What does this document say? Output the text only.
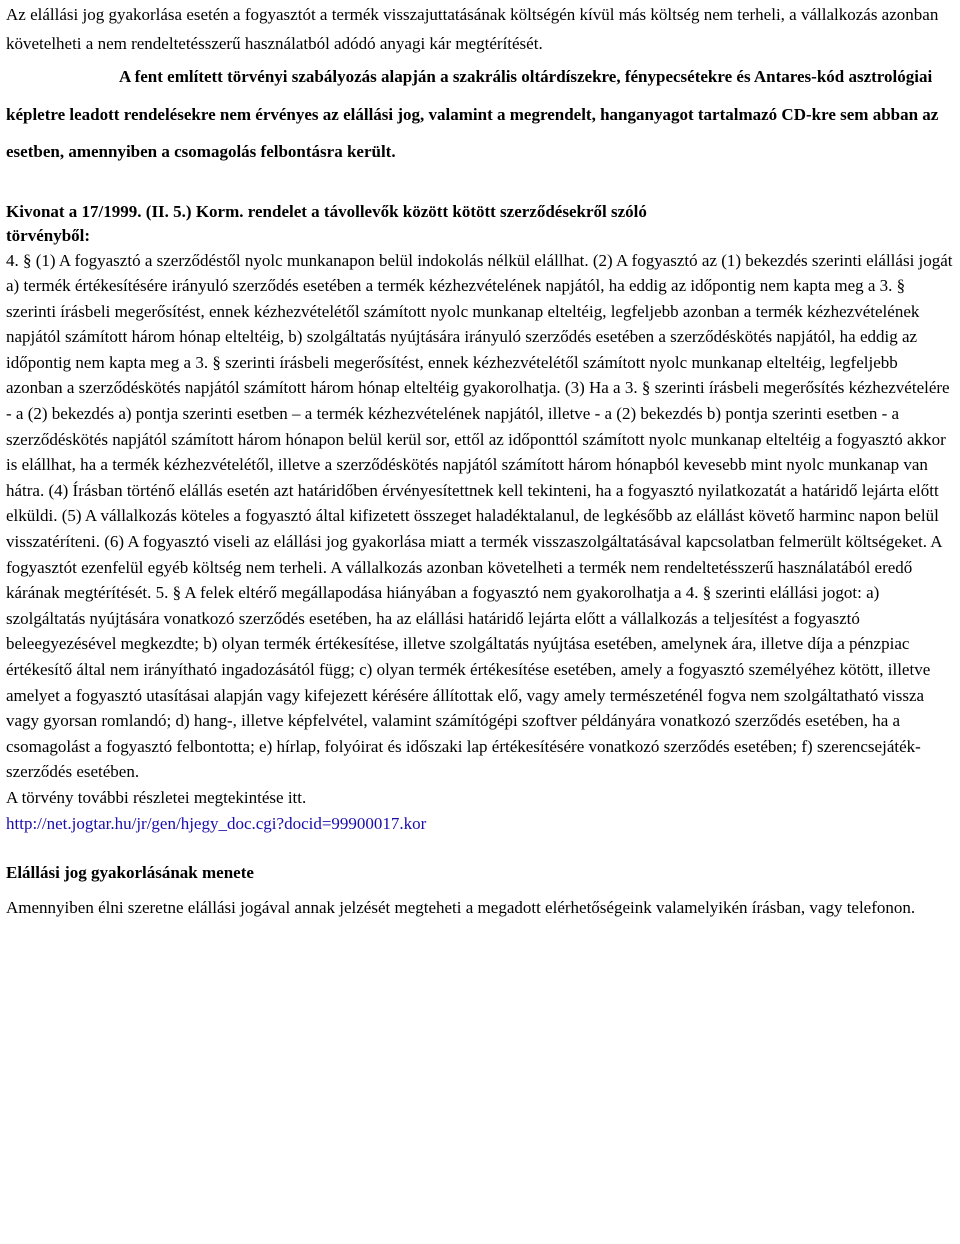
Az elállási jog gyakorlása esetén a fogyasztót a termék visszajuttatásának költségén kívül más költség nem terheli, a vállalkozás azonban követelheti a nem rendeltetésszerű használatból adódó anyagi kár megtérítését.

A fent említett törvényi szabályozás alapján a szakrális oltárdíszekre, fénypecsétekre és Antares-kód asztrológiai képletre leadott rendelésekre nem érvényes az elállási jog, valamint a megrendelt, hanganyagot tartalmazó CD-kre sem abban az esetben, amennyiben a csomagolás felbontásra került.

Kivonat a 17/1999. (II. 5.) Korm. rendelet a távollevők között kötött szerződésekről szóló törvényből:

4. § (1) A fogyasztó a szerződéstől nyolc munkanapon belül indokolás nélkül elállhat. (2) A fogyasztó az (1) bekezdés szerinti elállási jogát a) termék értékesítésére irányuló szerződés esetében a termék kézhezvételének napjától, ha eddig az időpontig nem kapta meg a 3. § szerinti írásbeli megerősítést, ennek kézhezvételétől számított nyolc munkanap elteltéig, legfeljebb azonban a termék kézhezvételének napjától számított három hónap elteltéig, b) szolgáltatás nyújtására irányuló szerződés esetében a szerződéskötés napjától, ha eddig az időpontig nem kapta meg a 3. § szerinti írásbeli megerősítést, ennek kézhezvételétől számított nyolc munkanap elteltéig, legfeljebb azonban a szerződéskötés napjától számított három hónap elteltéig gyakorolhatja. (3) Ha a 3. § szerinti írásbeli megerősítés kézhezvételére - a (2) bekezdés a) pontja szerinti esetben – a termék kézhezvételének napjától, illetve - a (2) bekezdés b) pontja szerinti esetben - a szerződéskötés napjától számított három hónapon belül kerül sor, ettől az időponttól számított nyolc munkanap elteltéig a fogyasztó akkor is elállhat, ha a termék kézhezvételétől, illetve a szerződéskötés napjától számított három hónapból kevesebb mint nyolc munkanap van hátra. (4) Írásban történő elállás esetén azt határidőben érvényesítettnek kell tekinteni, ha a fogyasztó nyilatkozatát a határidő lejárta előtt elküldi. (5) A vállalkozás köteles a fogyasztó által kifizetett összeget haladéktalanul, de legkésőbb az elállást követő harminc napon belül visszatéríteni. (6) A fogyasztó viseli az elállási jog gyakorlása miatt a termék visszaszolgáltatásával kapcsolatban felmerült költségeket. A fogyasztót ezenfelül egyéb költség nem terheli. A vállalkozás azonban követelheti a termék nem rendeltetésszerű használatából eredő kárának megtérítését. 5. § A felek eltérő megállapodása hiányában a fogyasztó nem gyakorolhatja a 4. § szerinti elállási jogot: a) szolgáltatás nyújtására vonatkozó szerződés esetében, ha az elállási határidő lejárta előtt a vállalkozás a teljesítést a fogyasztó beleegyezésével megkezdte; b) olyan termék értékesítése, illetve szolgáltatás nyújtása esetében, amelynek ára, illetve díja a pénzpiac értékesítő által nem irányítható ingadozásától függ; c) olyan termék értékesítése esetében, amely a fogyasztó személyéhez kötött, illetve amelyet a fogyasztó utasításai alapján vagy kifejezett kérésére állítottak elő, vagy amely természeténél fogva nem szolgáltatható vissza vagy gyorsan romlandó; d) hang-, illetve képfelvétel, valamint számítógépi szoftver példányára vonatkozó szerződés esetében, ha a csomagolást a fogyasztó felbontotta; e) hírlap, folyóirat és időszaki lap értékesítésére vonatkozó szerződés esetében; f) szerencsejáték-szerződés esetében.

A törvény további részletei megtekintése itt.

http://net.jogtar.hu/jr/gen/hjegy_doc.cgi?docid=99900017.kor

Elállási jog gyakorlásának menete

Amennyiben élni szeretne elállási jogával annak jelzését megteheti a megadott elérhetőségeink valamelyikén írásban, vagy telefonon.
